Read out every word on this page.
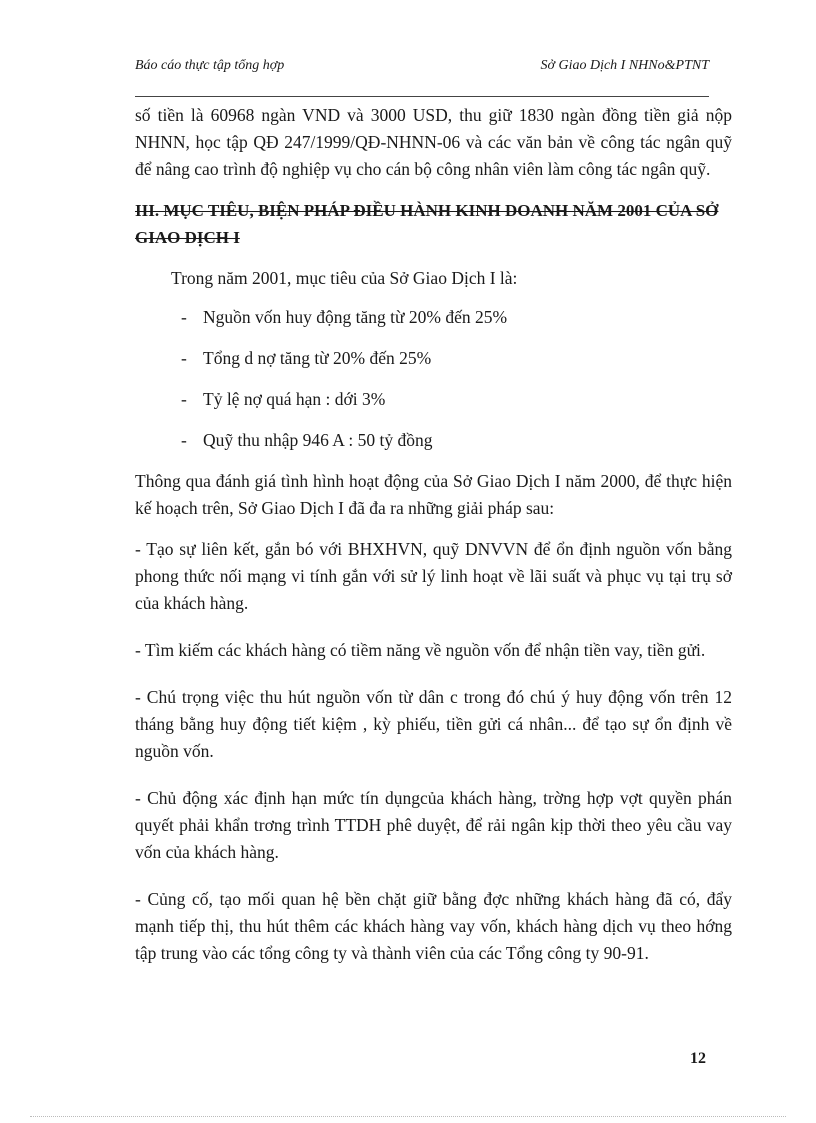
Báo cáo thực tập tổng hợp	Sở Giao Dịch I NHNo&PTNT

số tiền là 60968 ngàn VND và 3000 USD, thu giữ 1830 ngàn đồng tiền giả nộp NHNN, học tập QĐ 247/1999/QĐ-NHNN-06 và các văn bản về công tác ngân quỹ để nâng cao trình độ nghiệp vụ cho cán bộ công nhân viên làm công tác ngân quỹ.

III. MỤC TIÊU, BIỆN PHÁP ĐIỀU HÀNH KINH DOANH NĂM 2001 CỦA SỞ GIAO DỊCH I

Trong năm 2001, mục tiêu của Sở Giao Dịch I là:

- Nguồn vốn huy động tăng từ 20% đến 25%
- Tổng d nợ tăng từ 20% đến 25%
- Tỷ lệ nợ quá hạn : dới 3%
- Quỹ thu nhập 946 A : 50 tỷ đồng

Thông qua đánh giá tình hình hoạt động của Sở Giao Dịch I năm 2000, để thực hiện kế hoạch trên, Sở Giao Dịch I đã đa ra những giải pháp sau:

- Tạo sự liên kết, gắn bó với BHXHVN, quỹ DNVVN để ổn định nguồn vốn bằng phong thức nối mạng vi tính gắn với sử lý linh hoạt về lãi suất và phục vụ tại trụ sở của khách hàng.

- Tìm kiếm các khách hàng có tiềm năng về nguồn vốn để nhận tiền vay, tiền gửi.

- Chú trọng việc thu hút nguồn vốn từ dân c trong đó chú ý huy động vốn trên 12 tháng bằng huy động tiết kiệm , kỳ phiếu, tiền gửi cá nhân... để tạo sự ổn định về nguồn vốn.

- Chủ động xác định hạn mức tín dụngcủa khách hàng, trờng hợp vợt quyền phán quyết phải khẩn trơng trình TTDH phê duyệt, để rải ngân kịp thời theo yêu cầu vay vốn của khách hàng.

- Củng cố, tạo mối quan hệ bền chặt giữ bằng đợc những khách hàng đã có, đẩy mạnh tiếp thị, thu hút thêm các khách hàng vay vốn, khách hàng dịch vụ theo hớng tập trung vào các tổng công ty và thành viên của các Tổng công ty 90-91.

12
